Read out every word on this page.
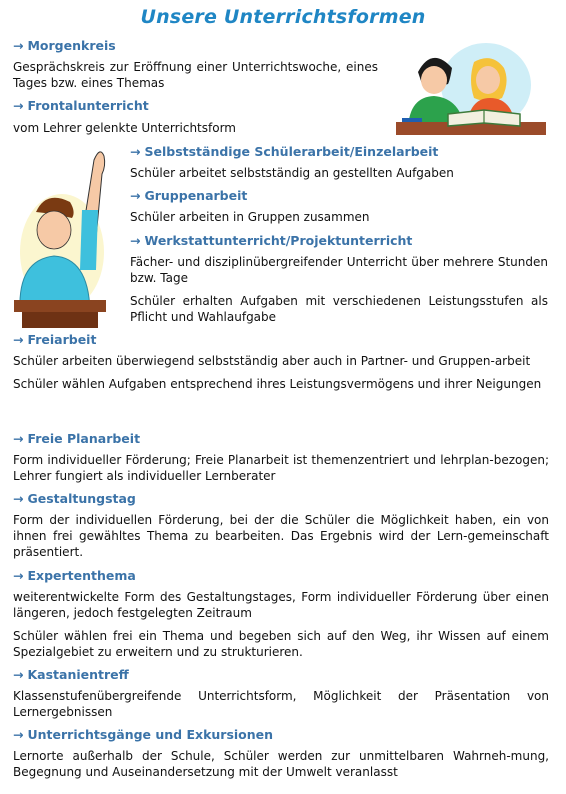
Unsere Unterrichtsformen
→ Morgenkreis
Gesprächskreis zur Eröffnung einer Unterrichtswoche, eines Tages bzw. eines Themas
→ Frontalunterricht
vom Lehrer gelenkte Unterrichtsform
→ Selbstständige Schülerarbeit/Einzelarbeit
Schüler arbeitet selbstständig an gestellten Aufgaben
→ Gruppenarbeit
Schüler arbeiten in Gruppen zusammen
→ Werkstattunterricht/Projektunterricht
Fächer- und disziplinübergreifender Unterricht über mehrere Stunden bzw. Tage
Schüler erhalten Aufgaben mit verschiedenen Leistungsstufen als Pflicht und Wahlaufgabe
→ Freiarbeit
Schüler arbeiten überwiegend selbstständig aber auch in Partner- und Gruppen-arbeit
Schüler wählen Aufgaben entsprechend ihres Leistungsvermögens und ihrer Neigungen
→ Freie Planarbeit
Form individueller Förderung; Freie Planarbeit ist themenzentriert und lehrplan-bezogen; Lehrer fungiert als individueller Lernberater
→ Gestaltungstag
Form der individuellen Förderung, bei der die Schüler die Möglichkeit haben, ein von ihnen frei gewähltes Thema zu bearbeiten. Das Ergebnis wird der Lern-gemeinschaft präsentiert.
→ Expertenthema
weiterentwickelte Form des Gestaltungstages, Form individueller Förderung über einen längeren, jedoch festgelegten Zeitraum
Schüler wählen frei ein Thema und begeben sich auf den Weg, ihr Wissen auf einem Spezialgebiet zu erweitern und zu strukturieren.
→ Kastanientreff
Klassenstufenübergreifende Unterrichtsform, Möglichkeit der Präsentation von Lernergebnissen
→ Unterrichtsgänge und Exkursionen
Lernorte außerhalb der Schule, Schüler werden zur unmittelbaren Wahrneh-mung, Begegnung und Auseinandersetzung mit der Umwelt veranlasst
